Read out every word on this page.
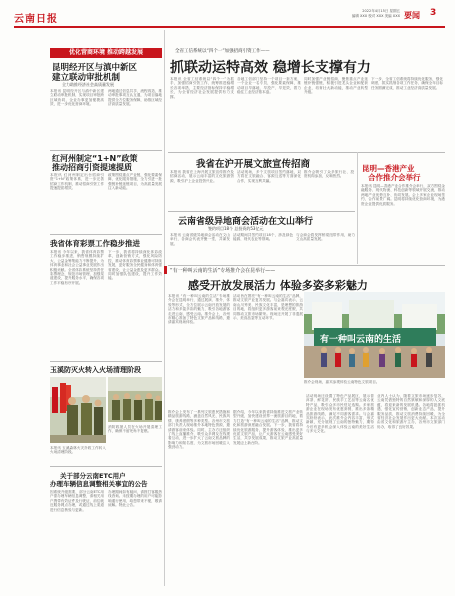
云南日报
2022年4月15日 星期五
编辑 XXX 校对 XXX 美编 XXX 要闻 3
优化营商环境 推动跨越发展
昆明经开区与滇中新区
建立联动审批机制
全力助推经济社会高质量发展
本报讯 昆明经开区与滇中新区建立联动审批机制，实现项目审批跨区域协同，企业办事更加便捷高效，进一步优化营商环境。
两地通过信息共享、流程再造，推动审批事项互认互通，为项目落地提供全方位服务保障，助推区域经济高质量发展。
红河州制定“1+N”政策
推动招商引资提速提质
本报讯 红河州制定出台招商引资“1+N”政策体系，进一步完善招商工作机制，推动招商引资工作提速提质增效。
政策围绕重点产业链，强化要素保障，优化服务措施，全力引进一批强链补链延链项目，为高质量发展注入新动能。
我省体育彩票工作稳步推进
本报讯 今年以来，我省体育彩票工作稳步推进，销售规模持续扩大，公益金筹集能力不断提升，为体育事业和社会公益事业发展作出积极贡献。全省体彩系统坚持责任彩票理念，规范市场管理，加强渠道建设，提升服务水平，确保各项工作平稳有序开展。
下一步，我省将持续深化体彩改革，创新营销方式，强化风险防控，推动体育彩票事业健康可持续发展，更好服务全民健身和体育强省建设，让公益金惠及更多群众。同时加强队伍建设，提升工作效能。
玉溪防灭火转入火场清理阶段
消防救援人员在火场开展清理工作，确保不留死角不复燃。
本报讯 玉溪森林火灾扑救工作转入火场清理阶段。
关于部分云南ETC用户
办理车辆信息调整相关事宜的公告
因系统升级需要，部分云南ETC用户需办理车辆信息调整，请相关用户携带有效证件及行驶证，前往就近服务网点办理，或通过线上渠道进行信息核验与更新。
办理期间如有疑问，请拨打客服热线咨询。未按期办理的用户可能影响通行使用，给您带来不便，敬请谅解。特此公告。
全省工信系统以“四个一”加强招商引资工作——
抓联动运特高效 稳增长支撑有力
本报讯 全省工信系统以“四个一”为抓手，加强招商引资工作，统筹推进稳增长各项举措，主要经济指标保持平稳增长，为全省经济社会发展提供有力支撑。
各地工信部门坚持一个项目一套方案，一个企业一名专员，强化要素保障，推动项目早落地、早投产、早见效，着力稳住工业经济基本盘。
同时加强产业链招商，聚焦重点产业延链补链强链，积极引进龙头企业和配套企业，培育壮大新动能，推动产业转型升级。
下一步，全省工信系统将持续优化服务，强化调度，抓实抓细各项工作任务，确保全年目标任务圆满完成，推动工业经济高质量发展。
我省在沪开展文旅宣传招商
本报讯 我省在上海开展文旅宣传推介及招商活动，展示云南丰富的文化旅游资源，吸引沪上企业投资兴业。
活动现场，多个文旅项目签约落地，双方将在文旅融合、客源互送等方面深化合作，实现互利共赢。
推介会吸引了众多旅行社、投资机构参加，反响热烈。
云南省级异地商会活动在文山举行
签约项目18个 总投资约53亿元
本报讯 云南省级异地商会活动在文山举行，各商会代表齐聚一堂，共谋发展。
活动期间共签约项目18个，涉及绿色能源、现代农业等领域。
与会商会将发挥桥梁纽带作用，助力文山高质量发展。
昆明—香港产业
合作推介会举行
本报讯 昆明—香港产业合作推介会举行，双方围绕金融服务、现代物流、科技创新等领域开展交流，推动两地产业优势互补、协同发展。会上多家企业现场签约，合作前景广阔。昆明将持续优化营商环境，为港资企业提供优质服务。
“有一种叫云南的生活”专场推介会在昆举行——
感受开放发展活力 体验多姿多彩魅力
本报讯 “有一种叫云南的生活”专场推介会在昆明举行，通过展演、推介、体验等形式，全方位展示云南开放发展的活力和多姿多彩的魅力，吸引各地游客走进云南、感受云南。推介会上，各州市精心准备了特色文旅产品和线路，邀请嘉宾现场体验。
活动旨在擦亮“有一种叫云南的生活”品牌，推动文旅产业复苏发展。与会嘉宾表示，云南山川秀美、民族文化丰富，是理想的旅游目的地，将组织更多游客前来观光度假，共同推动文旅市场繁荣。现场还开展了非遗展示、美食品鉴等互动环节。
有一种叫云南的生活
推介会现场，嘉宾参观体验云南特色文旅项目。
推介会上发布了一系列文旅惠民措施和精品旅游线路，涵盖自然风光、民族风情、康养度假等多种类型。各州市文旅部门负责人现场推介本地特色资源，邀请游客前来体验。同时，主办方还组织了线上直播推介，吸引众多网友在线观看互动，进一步扩大了云南文旅品牌的影响力和知名度，为文旅市场回暖注入强劲动力。
据介绍，今年以来我省持续推进文旅产业转型升级，加快建设世界一流旅游目的地，着力打造“有一种叫云南的生活”品牌，推动文化和旅游深度融合发展。下一步，我省将持续优化旅游服务，提升游客体验，推出更多优质文旅产品，让广大游客在云南感受美好生活，共享发展成果，推动文旅产业高质量发展迈上新台阶。
活动现场还设置了特色产品展区，展示普洱茶、鲜花饼、民族手工艺品等云南名优特产品，吸引众多市民驻足选购。多家旅游企业在现场发布优惠套餐，推出多条精品旅游线路，满足不同游客需求。与会嘉宾纷纷表示，此次推介会内容丰富、形式新颖，充分展现了云南的独特魅力，期待今后有更多机会深入体验云南的美好生活与多元文化。
业内人士认为，随着文旅市场逐步复苏，云南凭借独特的自然禀赋和深厚的人文底蕴，将迎来新的发展机遇。各地将抢抓机遇，强化宣传营销，创新业态产品，提升服务品质，推动文旅消费持续回暖，为全省经济社会发展作出更大贡献。本次活动由省文化和旅游厅主办，各州市文旅部门协办，取得了良好效果。
